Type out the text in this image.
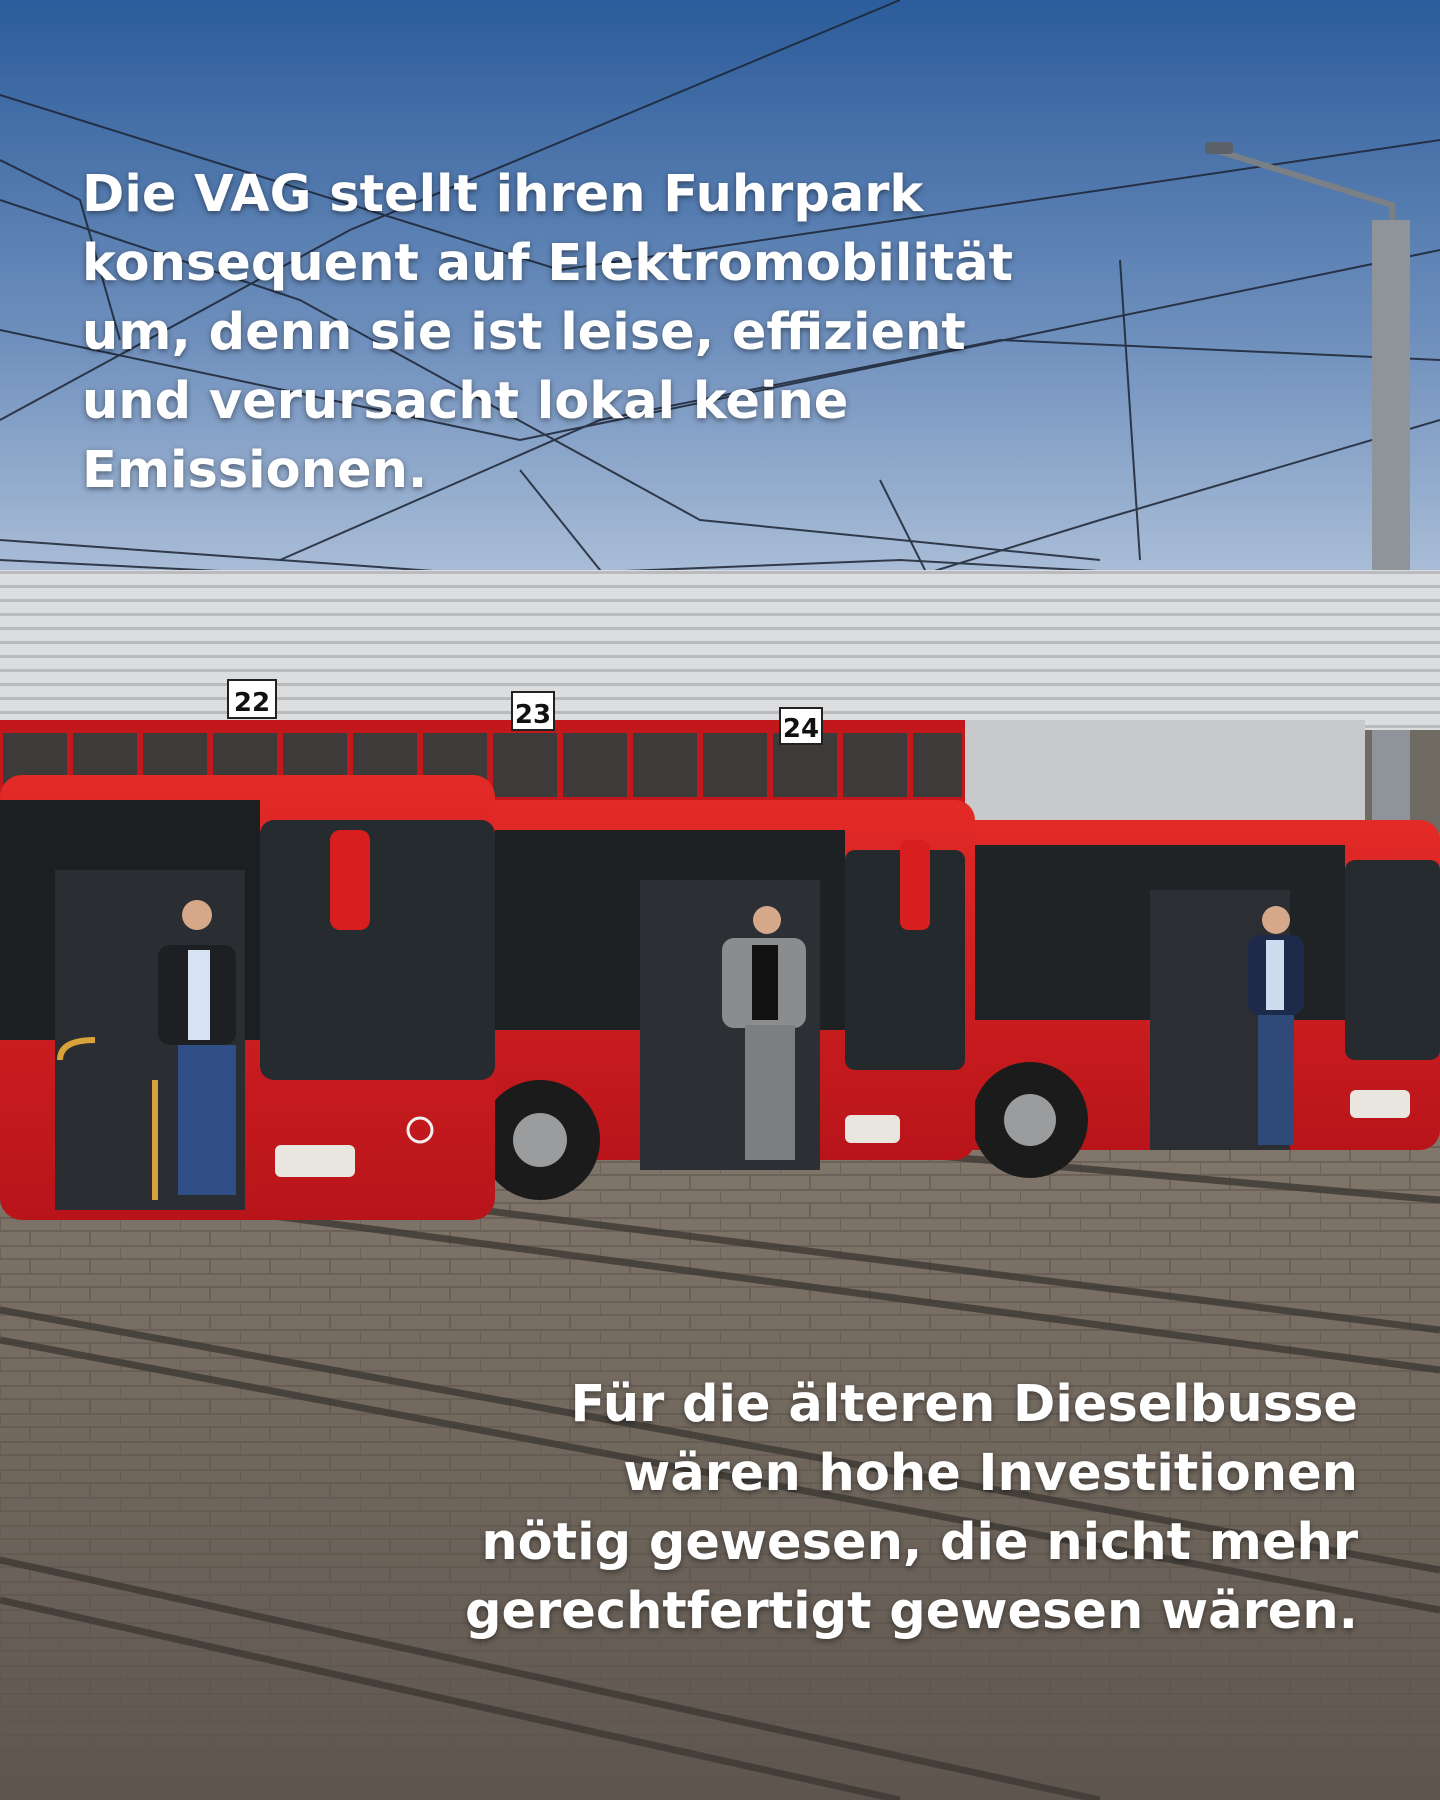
22	23	24
Die VAG stellt ihren Fuhrpark
konsequent auf Elektromobilität
um, denn sie ist leise, effizient
und verursacht lokal keine
Emissionen.
Für die älteren Dieselbusse
wären hohe Investitionen
nötig gewesen, die nicht mehr
gerechtfertigt gewesen wären.
